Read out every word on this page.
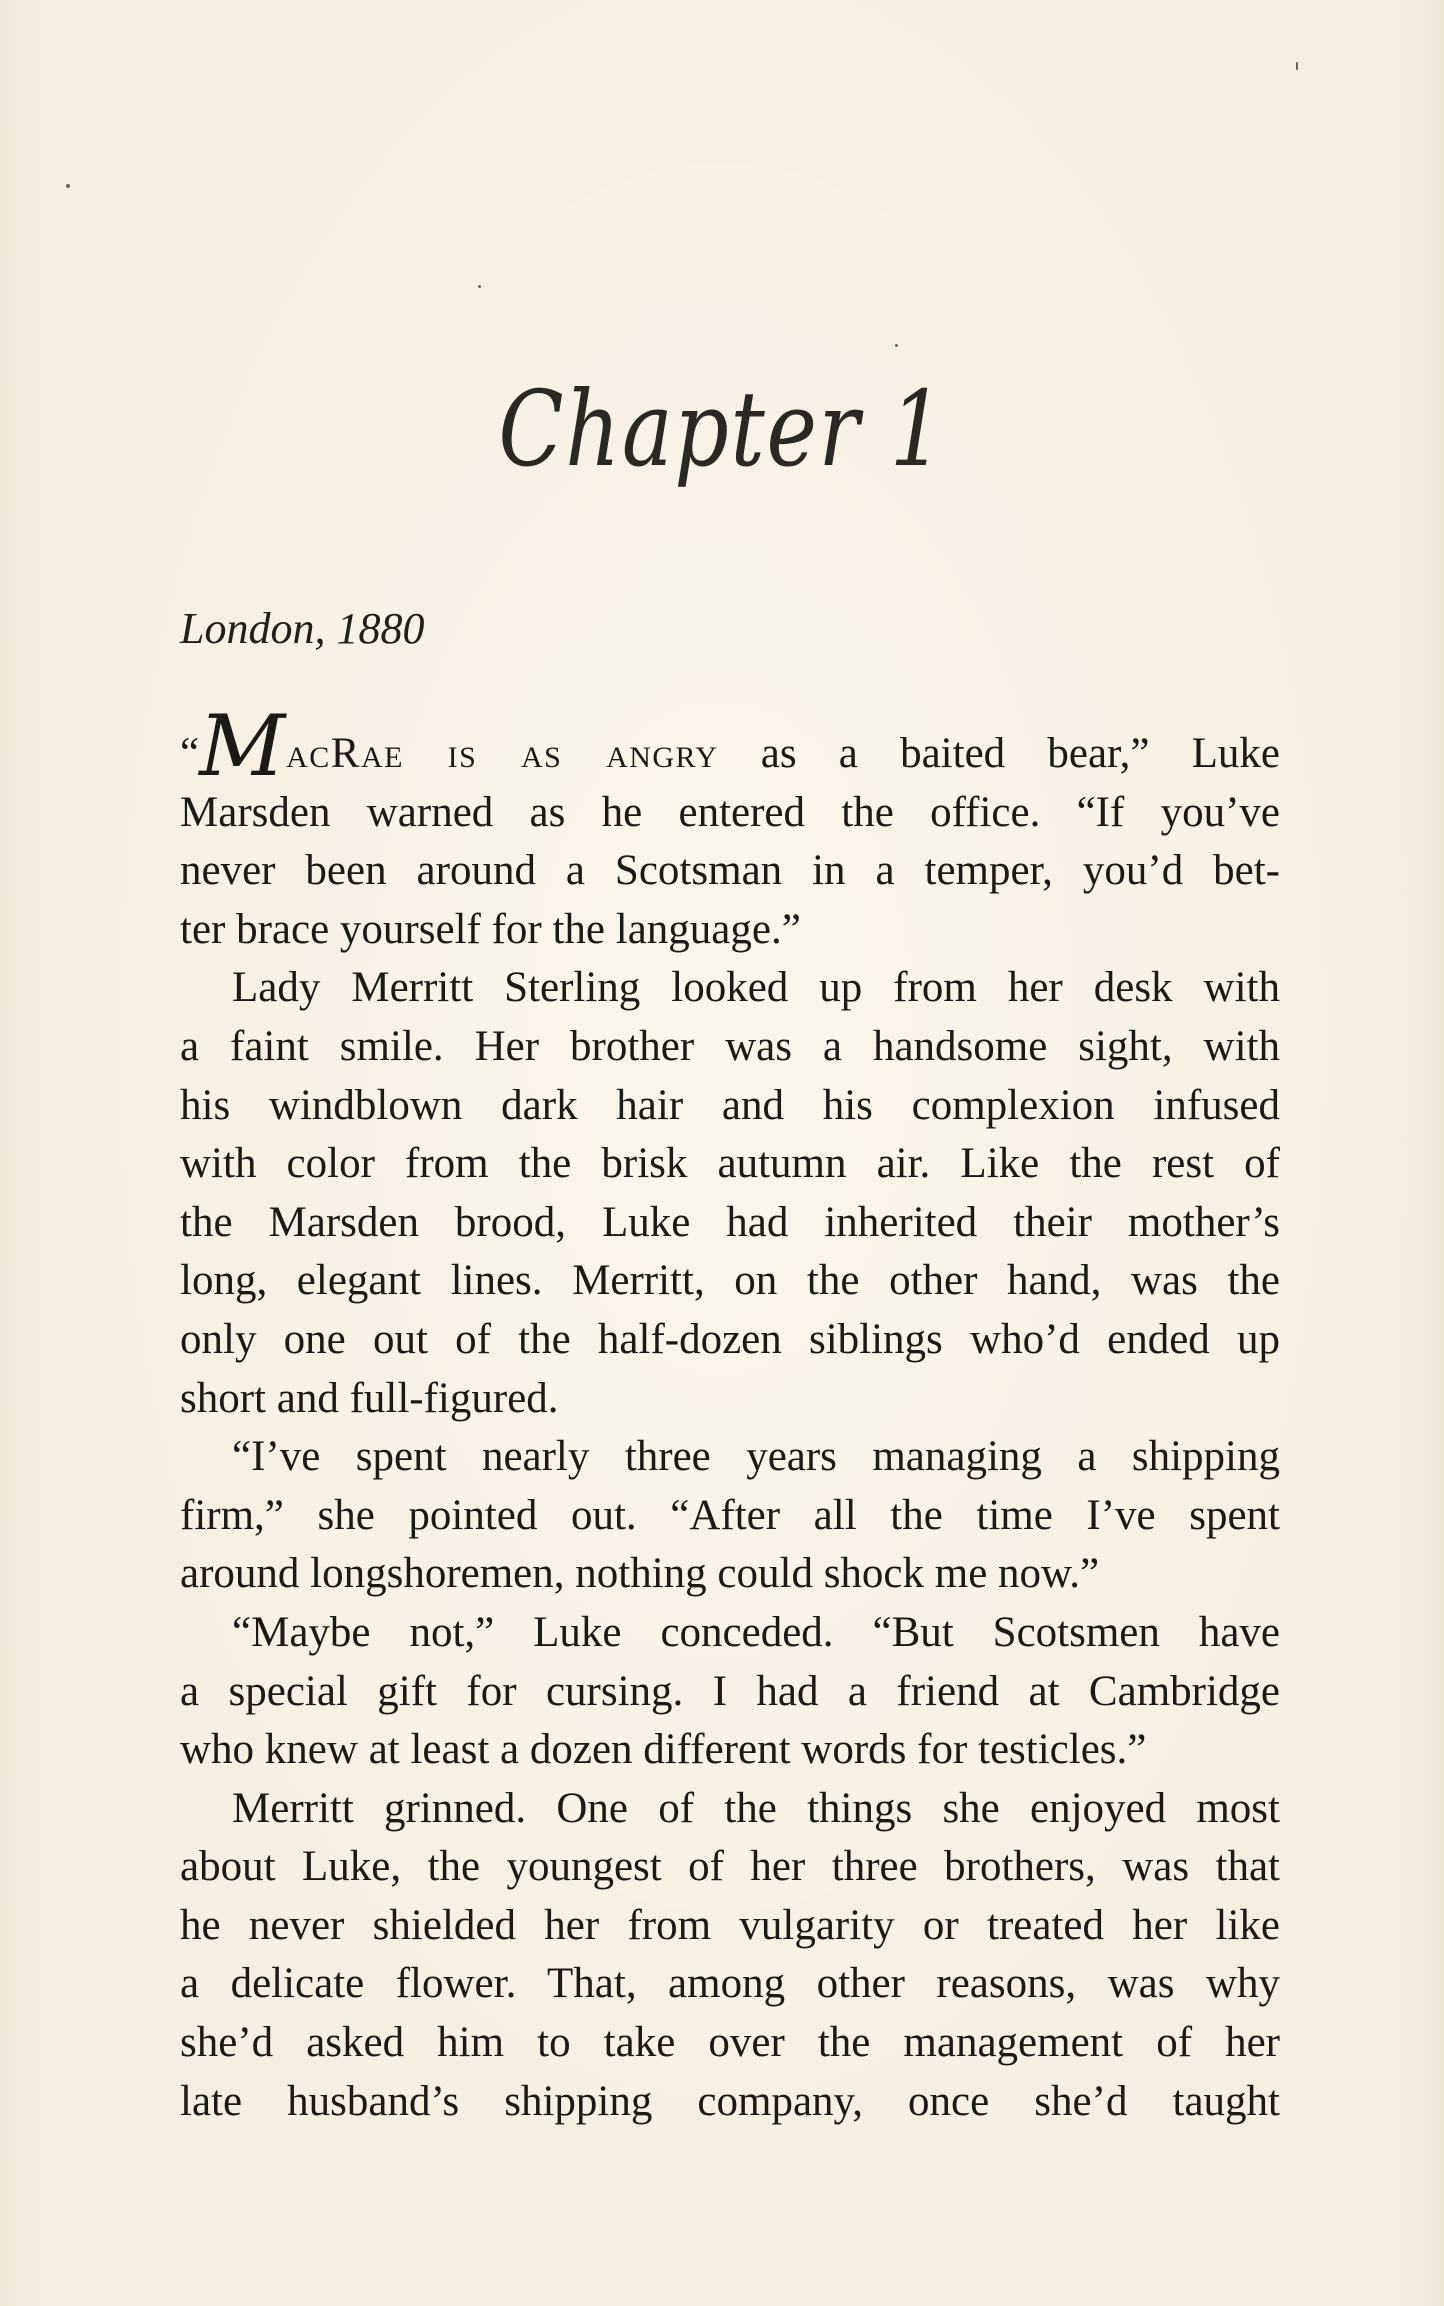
Chapter 1
London, 1880

“MacRae is as angry as a baited bear,” Luke
Marsden warned as he entered the office. “If you’ve
never been around a Scotsman in a temper, you’d bet-
ter brace yourself for the language.”

Lady Merritt Sterling looked up from her desk with
a faint smile. Her brother was a handsome sight, with
his windblown dark hair and his complexion infused
with color from the brisk autumn air. Like the rest of
the Marsden brood, Luke had inherited their mother’s
long, elegant lines. Merritt, on the other hand, was the
only one out of the half-dozen siblings who’d ended up
short and full-figured.

“I’ve spent nearly three years managing a shipping
firm,” she pointed out. “After all the time I’ve spent
around longshoremen, nothing could shock me now.”

“Maybe not,” Luke conceded. “But Scotsmen have
a special gift for cursing. I had a friend at Cambridge
who knew at least a dozen different words for testicles.”

Merritt grinned. One of the things she enjoyed most
about Luke, the youngest of her three brothers, was that
he never shielded her from vulgarity or treated her like
a delicate flower. That, among other reasons, was why
she’d asked him to take over the management of her
late husband’s shipping company, once she’d taught
